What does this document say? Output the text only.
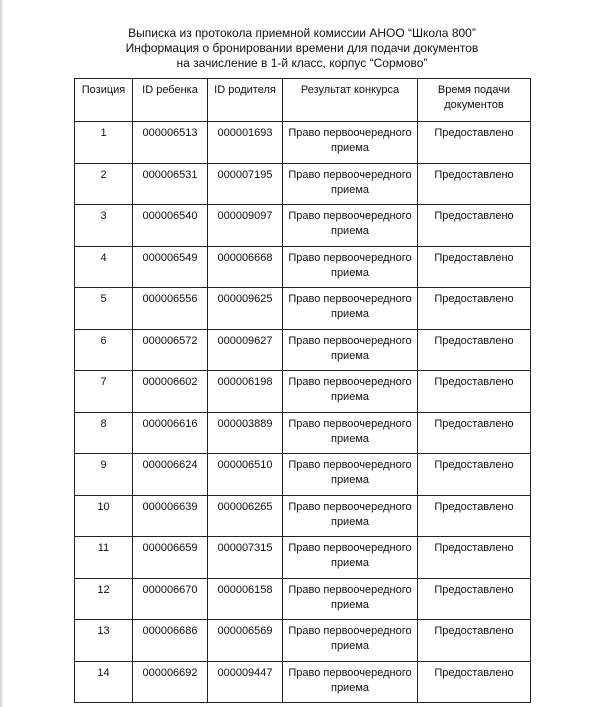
Выписка из протокола приемной комиссии АНОО “Школа 800”
Информация о бронировании времени для подачи документов
на зачисление в 1-й класс, корпус “Сормово”
Позиция	ID ребенка	ID родителя	Результат конкурса	Время подачи документов
1	000006513	000001693	Право первоочередного приема	Предоставлено
2	000006531	000007195	Право первоочередного приема	Предоставлено
3	000006540	000009097	Право первоочередного приема	Предоставлено
4	000006549	000006668	Право первоочередного приема	Предоставлено
5	000006556	000009625	Право первоочередного приема	Предоставлено
6	000006572	000009627	Право первоочередного приема	Предоставлено
7	000006602	000006198	Право первоочередного приема	Предоставлено
8	000006616	000003889	Право первоочередного приема	Предоставлено
9	000006624	000006510	Право первоочередного приема	Предоставлено
10	000006639	000006265	Право первоочередного приема	Предоставлено
11	000006659	000007315	Право первоочередного приема	Предоставлено
12	000006670	000006158	Право первоочередного приема	Предоставлено
13	000006686	000006569	Право первоочередного приема	Предоставлено
14	000006692	000009447	Право первоочередного приема	Предоставлено
